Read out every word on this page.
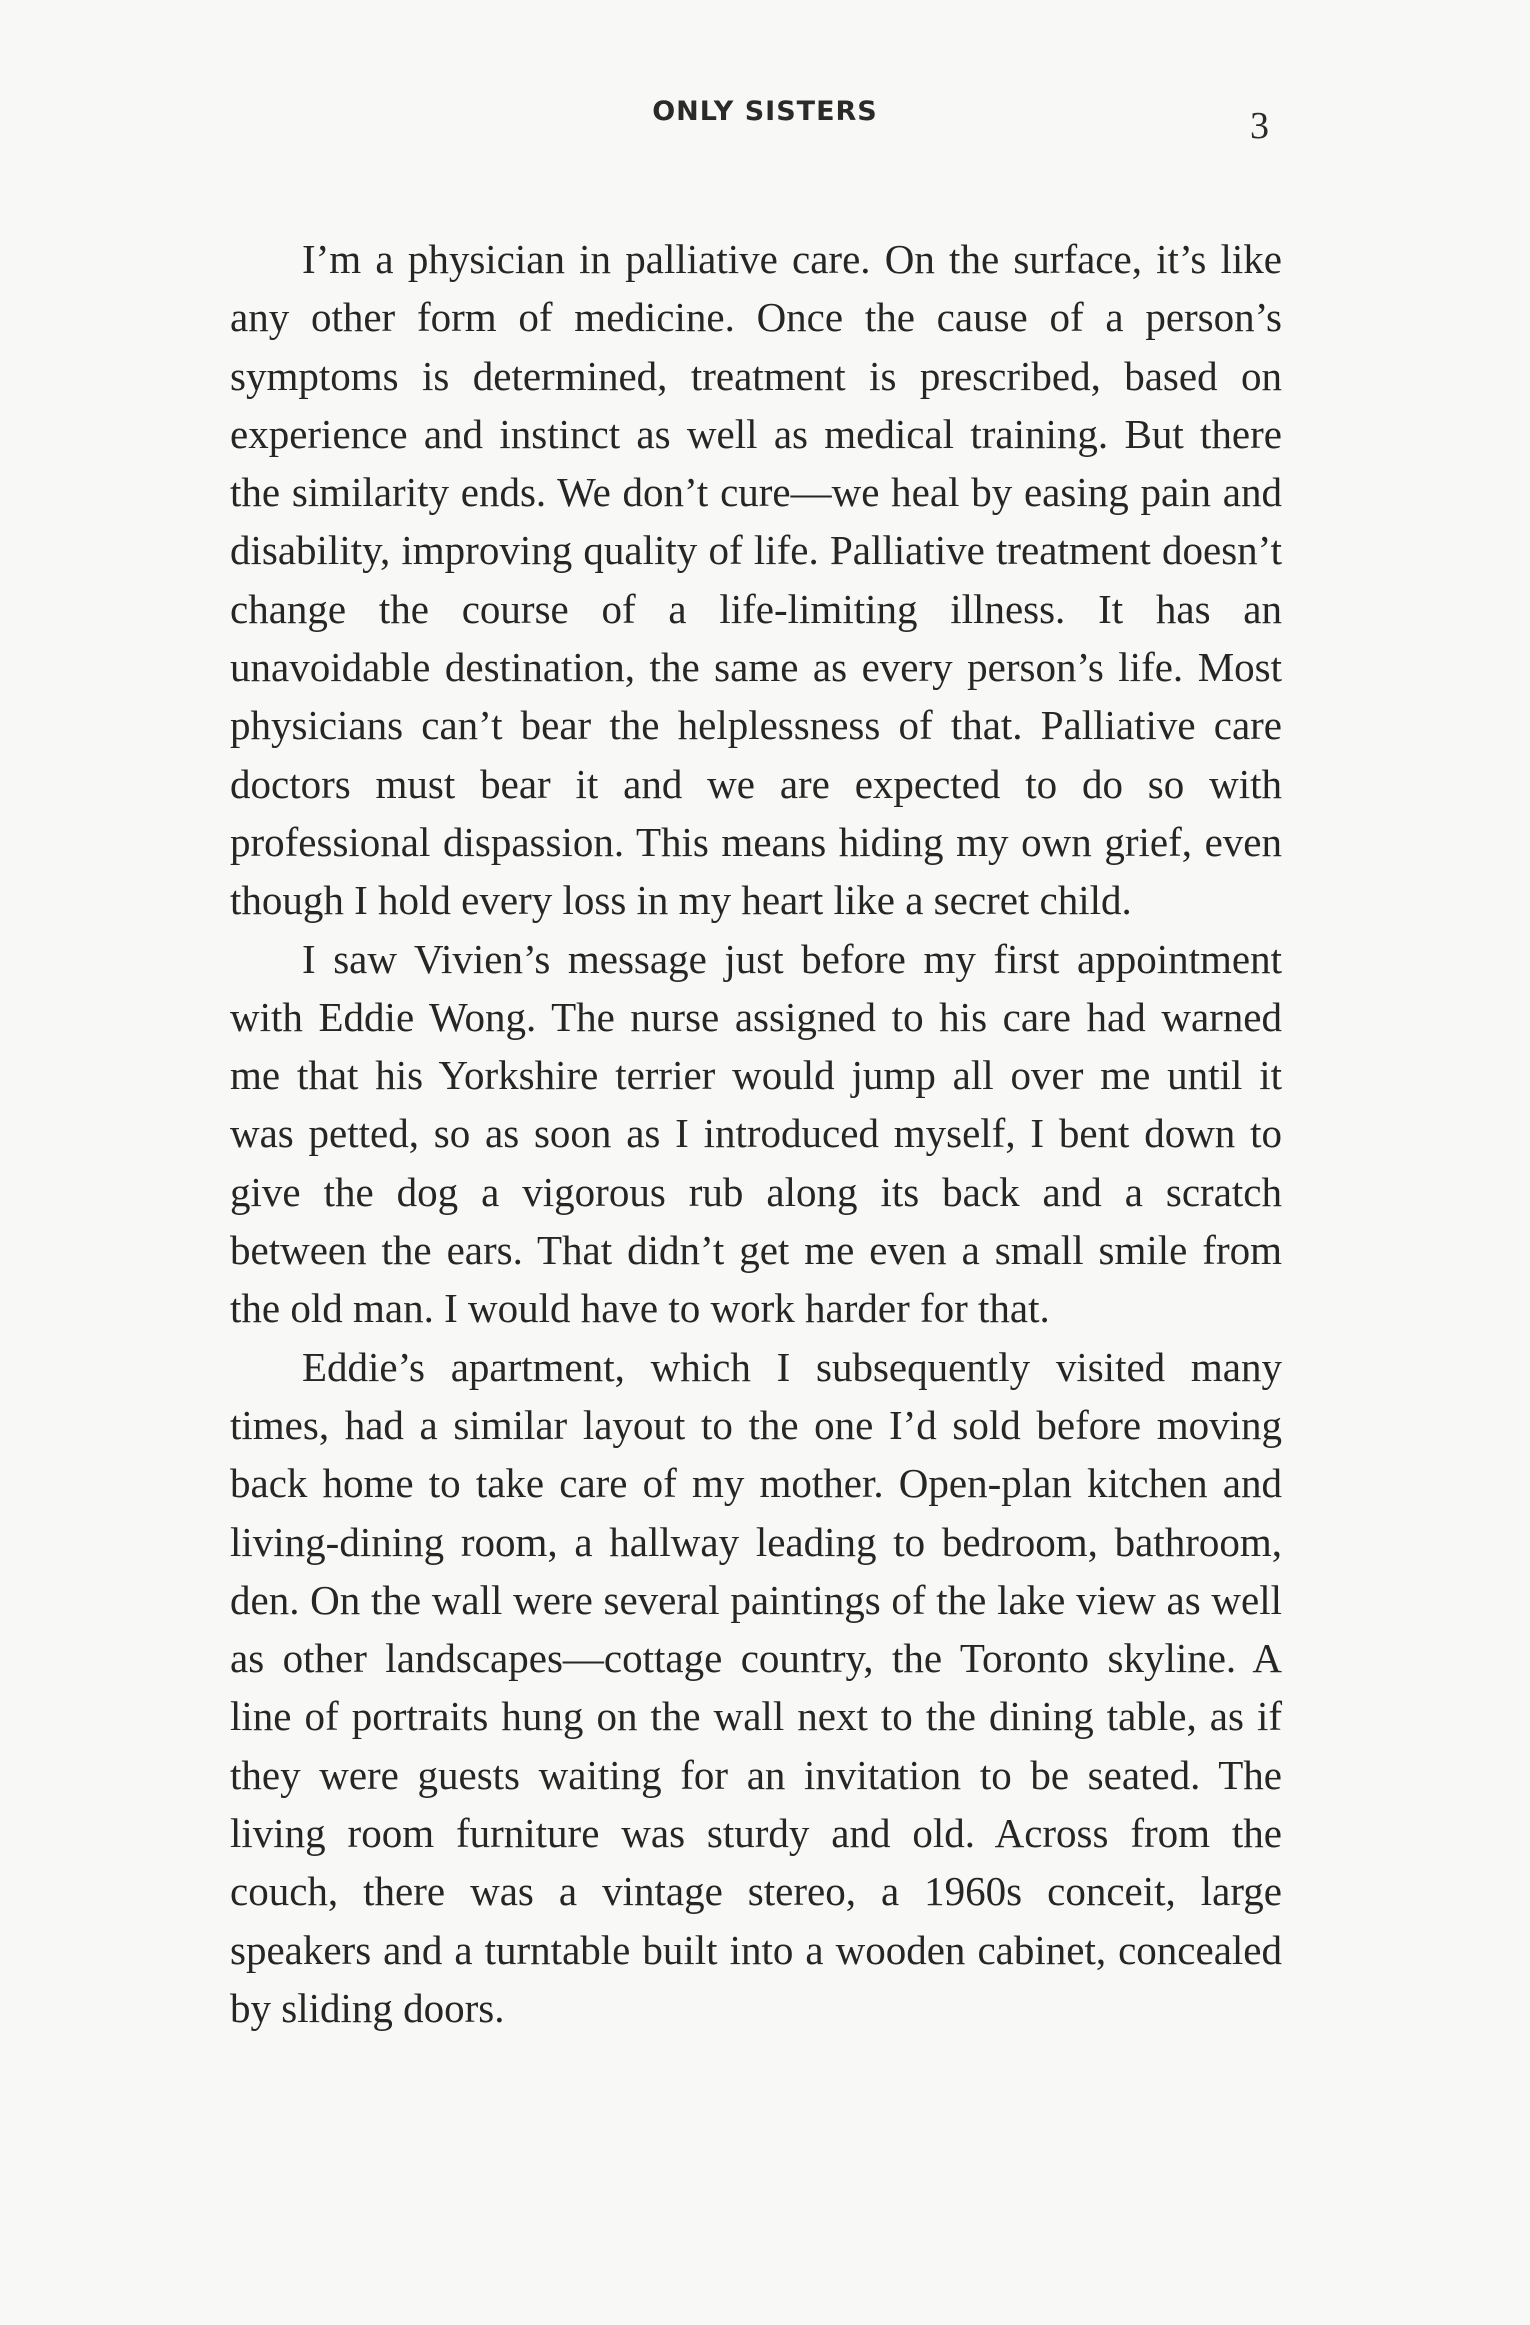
ONLY SISTERS	3

I’m a physician in palliative care. On the surface, it’s like any other form of medicine. Once the cause of a person’s symptoms is determined, treatment is prescribed, based on experience and instinct as well as medical training. But there the similarity ends. We don’t cure—we heal by easing pain and disability, improving quality of life. Palliative treatment doesn’t change the course of a life-limiting illness. It has an unavoidable destination, the same as every person’s life. Most physicians can’t bear the helplessness of that. Palliative care doctors must bear it and we are expected to do so with professional dispassion. This means hiding my own grief, even though I hold every loss in my heart like a secret child.

I saw Vivien’s message just before my first appointment with Eddie Wong. The nurse assigned to his care had warned me that his Yorkshire terrier would jump all over me until it was petted, so as soon as I introduced myself, I bent down to give the dog a vigorous rub along its back and a scratch between the ears. That didn’t get me even a small smile from the old man. I would have to work harder for that.

Eddie’s apartment, which I subsequently visited many times, had a similar layout to the one I’d sold before moving back home to take care of my mother. Open-plan kitchen and living-dining room, a hallway leading to bedroom, bathroom, den. On the wall were several paintings of the lake view as well as other landscapes—cottage country, the Toronto skyline. A line of portraits hung on the wall next to the dining table, as if they were guests waiting for an invitation to be seated. The living room furniture was sturdy and old. Across from the couch, there was a vintage stereo, a 1960s conceit, large speakers and a turntable built into a wooden cabinet, concealed by sliding doors.
